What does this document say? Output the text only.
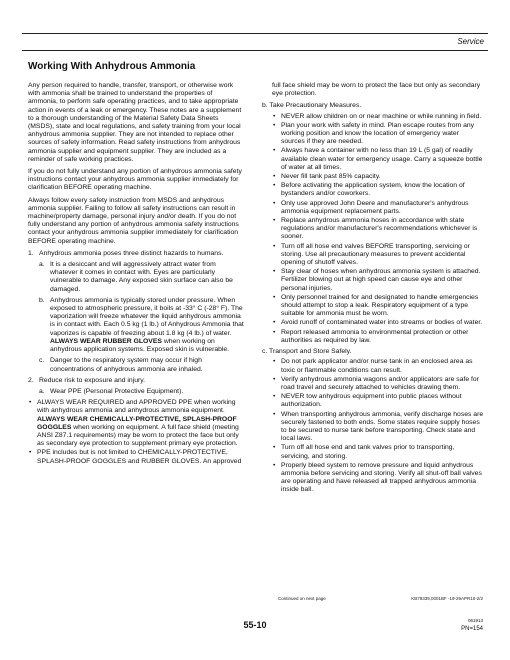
Service
Working With Anhydrous Ammonia

Any person required to handle, transfer, transport, or otherwise work with ammonia shall be trained to understand the properties of ammonia, to perform safe operating practices, and to take appropriate action in events of a leak or emergency. These notes are a supplement to a thorough understanding of the Material Safety Data Sheets (MSDS), state and local regulations, and safety training from your local anhydrous ammonia supplier. They are not intended to replace other sources of safety information. Read safety instructions from anhydrous ammonia supplier and equipment supplier. They are included as a reminder of safe working practices.

If you do not fully understand any portion of anhydrous ammonia safety instructions contact your anhydrous ammonia supplier immediately for clarification BEFORE operating machine.

Always follow every safety instruction from MSDS and anhydrous ammonia supplier. Failing to follow all safety instructions can result in machine/property damage, personal injury and/or death. If you do not fully understand any portion of anhydrous ammonia safety instructions contact your anhydrous ammonia supplier immediately for clarification BEFORE operating machine.

1. Anhydrous ammonia poses three distinct hazards to humans.
a. It is a desiccant and will aggressively attract water from whatever it comes in contact with. Eyes are particularly vulnerable to damage. Any exposed skin surface can also be damaged.
b. Anhydrous ammonia is typically stored under pressure. When exposed to atmospheric pressure, it boils at -33° C (-28° F). The vaporization will freeze whatever the liquid anhydrous ammonia is in contact with. Each 0.5 kg (1 lb.) of Anhydrous Ammonia that vaporizes is capable of freezing about 1.8 kg (4 lb.) of water. ALWAYS WEAR RUBBER GLOVES when working on anhydrous application systems. Exposed skin is vulnerable.
c. Danger to the respiratory system may occur if high concentrations of anhydrous ammonia are inhaled.
2. Reduce risk to exposure and injury.
a. Wear PPE (Personal Protective Equipment).
• ALWAYS WEAR REQUIRED and APPROVED PPE when working with anhydrous ammonia and anhydrous ammonia equipment. ALWAYS WEAR CHEMICALLY-PROTECTIVE, SPLASH-PROOF GOGGLES when working on equipment. A full face shield (meeting ANSI Z87.1 requirements) may be worn to protect the face but only as secondary eye protection to supplement primary eye protection.
• PPE includes but is not limited to CHEMICALLY-PROTECTIVE, SPLASH-PROOF GOGGLES and RUBBER GLOVES. An approved

full face shield may be worn to protect the face but only as secondary eye protection.

b. Take Precautionary Measures.

• NEVER allow children on or near machine or while running in field.
• Plan your work with safety in mind. Plan escape routes from any working position and know the location of emergency water sources if they are needed.
• Always have a container with no less than 19 L (5 gal) of readily available clean water for emergency usage. Carry a squeeze bottle of water at all times.
• Never fill tank past 85% capacity.
• Before activating the application system, know the location of bystanders and/or coworkers.
• Only use approved John Deere and manufacturer's anhydrous ammonia equipment replacement parts.
• Replace anhydrous ammonia hoses in accordance with state regulations and/or manufacturer's recommendations whichever is sooner.
• Turn off all hose end valves BEFORE transporting, servicing or storing. Use all precautionary measures to prevent accidental opening of shutoff valves.
• Stay clear of hoses when anhydrous ammonia system is attached. Fertilizer blowing out at high speed can cause eye and other personal injuries.
• Only personnel trained for and designated to handle emergencies should attempt to stop a leak. Respiratory equipment of a type suitable for ammonia must be worn.
• Avoid runoff of contaminated water into streams or bodies of water.
• Report released ammonia to environmental protection or other authorities as required by law.

c. Transport and Store Safely.

• Do not park applicator and/or nurse tank in an enclosed area as toxic or flammable conditions can result.
• Verify anhydrous ammonia wagons and/or applicators are safe for road travel and securely attached to vehicles drawing them.
• NEVER tow anhydrous equipment into public places without authorization.
• When transporting anhydrous ammonia, verify discharge hoses are securely fastened to both ends. Some states require supply hoses to be secured to nurse tank before transporting. Check state and local laws.
• Turn off all hose end and tank valves prior to transporting, servicing, and storing.
• Properly bleed system to remove pressure and liquid anhydrous ammonia before servicing and storing. Verify all shut-off ball valves are operating and have released all trapped anhydrous ammonia inside ball.
Continued on next page	KB79339,0001BF -19-29APR10-2/2
061913
55-10	PN=154
